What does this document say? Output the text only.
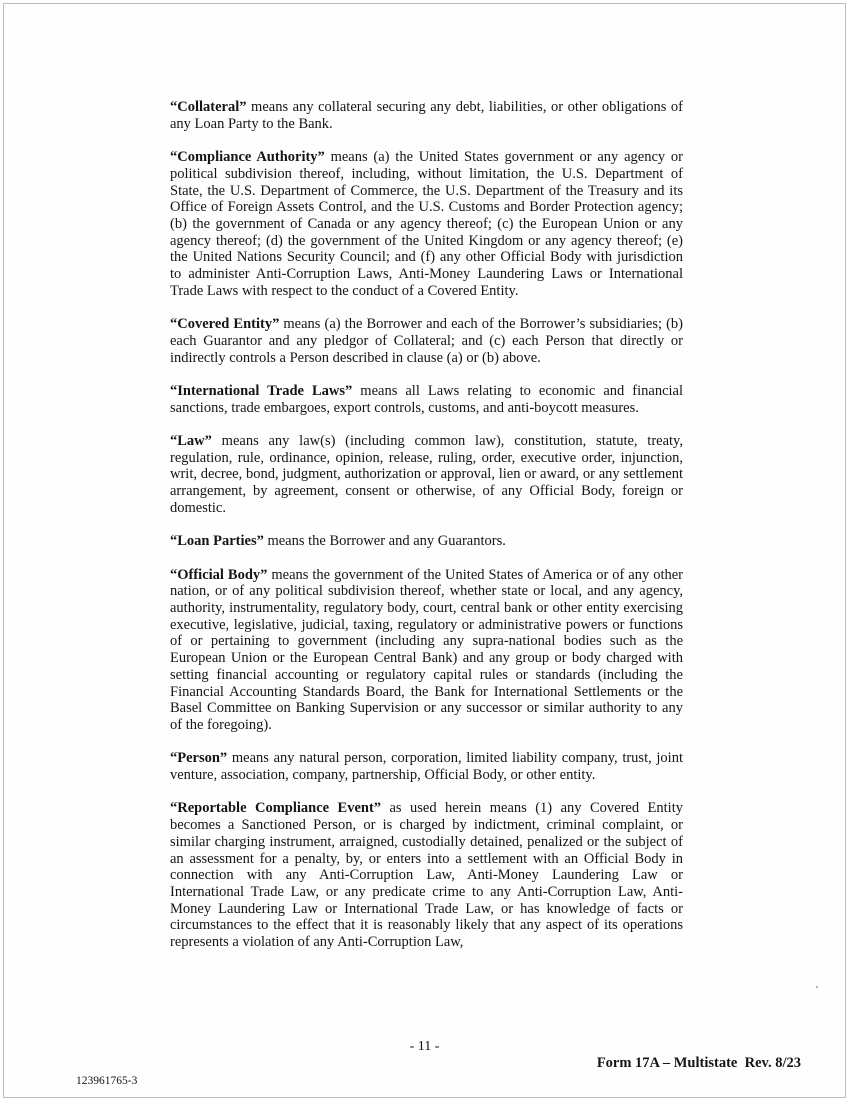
“Collateral” means any collateral securing any debt, liabilities, or other obligations of any Loan Party to the Bank.

“Compliance Authority” means (a) the United States government or any agency or political subdivision thereof, including, without limitation, the U.S. Department of State, the U.S. Department of Commerce, the U.S. Department of the Treasury and its Office of Foreign Assets Control, and the U.S. Customs and Border Protection agency; (b) the government of Canada or any agency thereof; (c) the European Union or any agency thereof; (d) the government of the United Kingdom or any agency thereof; (e) the United Nations Security Council; and (f) any other Official Body with jurisdiction to administer Anti-Corruption Laws, Anti-Money Laundering Laws or International Trade Laws with respect to the conduct of a Covered Entity.

“Covered Entity” means (a) the Borrower and each of the Borrower’s subsidiaries; (b) each Guarantor and any pledgor of Collateral; and (c) each Person that directly or indirectly controls a Person described in clause (a) or (b) above.

“International Trade Laws” means all Laws relating to economic and financial sanctions, trade embargoes, export controls, customs, and anti-boycott measures.

“Law” means any law(s) (including common law), constitution, statute, treaty, regulation, rule, ordinance, opinion, release, ruling, order, executive order, injunction, writ, decree, bond, judgment, authorization or approval, lien or award, or any settlement arrangement, by agreement, consent or otherwise, of any Official Body, foreign or domestic.

“Loan Parties” means the Borrower and any Guarantors.

“Official Body” means the government of the United States of America or of any other nation, or of any political subdivision thereof, whether state or local, and any agency, authority, instrumentality, regulatory body, court, central bank or other entity exercising executive, legislative, judicial, taxing, regulatory or administrative powers or functions of or pertaining to government (including any supra-national bodies such as the European Union or the European Central Bank) and any group or body charged with setting financial accounting or regulatory capital rules or standards (including the Financial Accounting Standards Board, the Bank for International Settlements or the Basel Committee on Banking Supervision or any successor or similar authority to any of the foregoing).

“Person” means any natural person, corporation, limited liability company, trust, joint venture, association, company, partnership, Official Body, or other entity.

“Reportable Compliance Event” as used herein means (1) any Covered Entity becomes a Sanctioned Person, or is charged by indictment, criminal complaint, or similar charging instrument, arraigned, custodially detained, penalized or the subject of an assessment for a penalty, by, or enters into a settlement with an Official Body in connection with any Anti-Corruption Law, Anti-Money Laundering Law or International Trade Law, or any predicate crime to any Anti-Corruption Law, Anti-Money Laundering Law or International Trade Law, or has knowledge of facts or circumstances to the effect that it is reasonably likely that any aspect of its operations represents a violation of any Anti-Corruption Law,

- 11 -
Form 17A – Multistate  Rev. 8/23
123961765-3
